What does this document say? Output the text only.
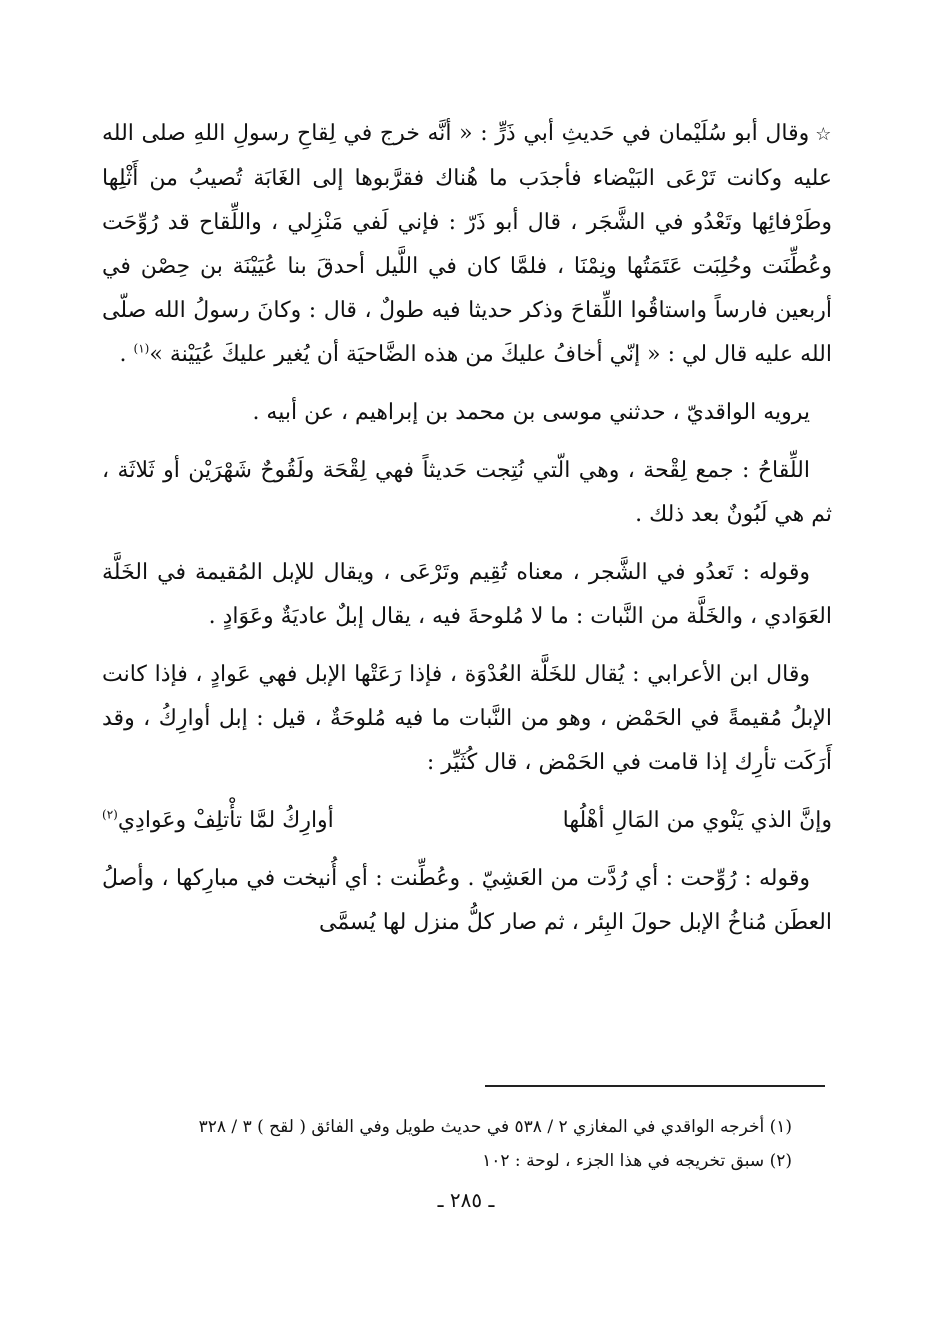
☆وقال أبو سُلَيْمان في حَديثِ أبي ذَرٍّ : « أنَّه خرج في لِقاحِ رسولِ اللهِ صلى الله عليه وكانت تَرْعَى البَيْضاء فأجدَب ما هُناك فقرَّبوها إلى الغَابَة تُصيبُ من أَثْلِها وطَرْفائِها وتَعْدُو في الشَّجَر ، قال أبو ذَرّ : فإني لَفي مَنْزِلي ، واللِّقاح قد رُوِّحَت وعُطِّنَت وحُلِبَت عَتَمَتُها ونِمْنَا ، فلمَّا كان في اللَّيل أحدقَ بنا عُيَيْنَة بن حِصْن في أربعين فارساً واستاقُوا اللِّقاحَ وذكر حديثا فيه طولٌ ، قال : وكانَ رسولُ الله صلّى الله عليه قال لي : « إنّي أخافُ عليكَ من هذه الضَّاحيَة أن يُغير عليكَ عُيَيْنة »$^{(١)}$ .

يرويه الواقديّ ، حدثني موسى بن محمد بن إبراهيم ، عن أبيه .

اللِّقاحُ : جمع لِقْحة ، وهي الّتي نُتِجت حَديثاً فهي لِقْحَة ولَقُوحٌ شَهْرَيْن أو ثَلاثَة ، ثم هي لَبُونٌ بعد ذلك .

وقوله : تَعدُو في الشَّجر ، معناه تُقِيم وتَرْعَى ، ويقال للإبل المُقيمة في الخَلَّة العَوَادي ، والخَلَّة من النَّبات : ما لا مُلوحةَ فيه ، يقال إبلٌ عاديَةٌ وعَوَادٍ .

وقال ابن الأعرابي : يُقال للخَلَّة العُدْوَة ، فإذا رَعَتْها الإبل فهي عَوادٍ ، فإذا كانت الإبلُ مُقيمةً في الحَمْض ، وهو من النَّبات ما فيه مُلوحَةٌ ، قيل : إبل أوارِكُ ، وقد أَرَكَت تأرِك إذا قامت في الحَمْض ، قال كُثَيِّر :

وإنَّ الذي يَنْوي من المَالِ أهْلُها
أوارِكُ لمَّا تأْتلِفْ وعَوادِي$^{(٢)}$

وقوله : رُوِّحت : أي رُدَّت من العَشِيّ . وعُطِّنت : أي أُنيخت في مبارِكها ، وأصلُ العطَن مُناخُ الإبل حولَ البِئر ، ثم صار كلُّ منزل لها يُسمَّى

(١) أخرجه الواقدي في المغازي ٢ / ٥٣٨ في حديث طويل وفي الفائق ( لقح ) ٣ / ٣٢٨
(٢) سبق تخريجه في هذا الجزء ، لوحة : ١٠٢
ـ ٢٨٥ ـ
